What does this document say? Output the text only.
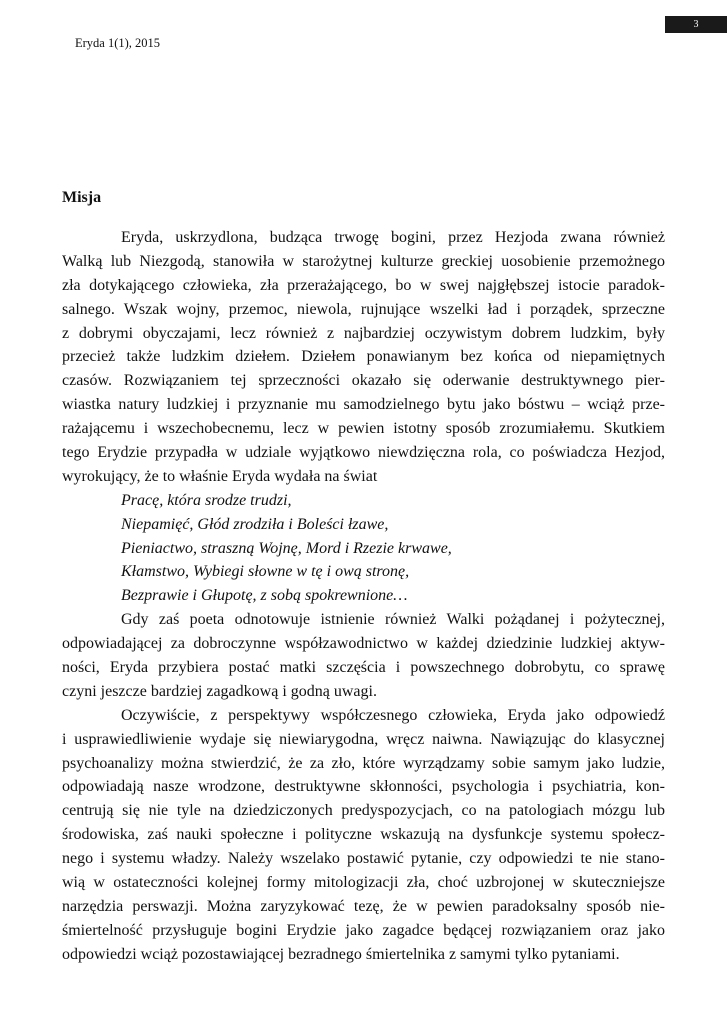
3
Eryda 1(1), 2015
Misja
Eryda, uskrzydlona, budząca trwogę bogini, przez Hezjoda zwana również
Walką lub Niezgodą, stanowiła w starożytnej kulturze greckiej uosobienie przemożnego
zła dotykającego człowieka, zła przerażającego, bo w swej najgłębszej istocie paradok-
salnego. Wszak wojny, przemoc, niewola, rujnujące wszelki ład i porządek, sprzeczne
z dobrymi obyczajami, lecz również z najbardziej oczywistym dobrem ludzkim, były
przecież także ludzkim dziełem. Dziełem ponawianym bez końca od niepamiętnych
czasów. Rozwiązaniem tej sprzeczności okazało się oderwanie destruktywnego pier-
wiastka natury ludzkiej i przyznanie mu samodzielnego bytu jako bóstwu – wciąż prze-
rażającemu i wszechobecnemu, lecz w pewien istotny sposób zrozumiałemu. Skutkiem
tego Erydzie przypadła w udziale wyjątkowo niewdzięczna rola, co poświadcza Hezjod,
wyrokujący, że to właśnie Eryda wydała na świat
Pracę, która srodze trudzi,
Niepamięć, Głód zrodziła i Boleści łzawe,
Pieniactwo, straszną Wojnę, Mord i Rzezie krwawe,
Kłamstwo, Wybiegi słowne w tę i ową stronę,
Bezprawie i Głupotę, z sobą spokrewnione…
Gdy zaś poeta odnotowuje istnienie również Walki pożądanej i pożytecznej,
odpowiadającej za dobroczynne współzawodnictwo w każdej dziedzinie ludzkiej aktyw-
ności, Eryda przybiera postać matki szczęścia i powszechnego dobrobytu, co sprawę
czyni jeszcze bardziej zagadkową i godną uwagi.
Oczywiście, z perspektywy współczesnego człowieka, Eryda jako odpowiedź
i usprawiedliwienie wydaje się niewiarygodna, wręcz naiwna. Nawiązując do klasycznej
psychoanalizy można stwierdzić, że za zło, które wyrządzamy sobie samym jako ludzie,
odpowiadają nasze wrodzone, destruktywne skłonności, psychologia i psychiatria, kon-
centrują się nie tyle na dziedziczonych predyspozycjach, co na patologiach mózgu lub
środowiska, zaś nauki społeczne i polityczne wskazują na dysfunkcje systemu społecz-
nego i systemu władzy. Należy wszelako postawić pytanie, czy odpowiedzi te nie stano-
wią w ostateczności kolejnej formy mitologizacji zła, choć uzbrojonej w skuteczniejsze
narzędzia perswazji. Można zaryzykować tezę, że w pewien paradoksalny sposób nie-
śmiertelność przysługuje bogini Erydzie jako zagadce będącej rozwiązaniem oraz jako
odpowiedzi wciąż pozostawiającej bezradnego śmiertelnika z samymi tylko pytaniami.
